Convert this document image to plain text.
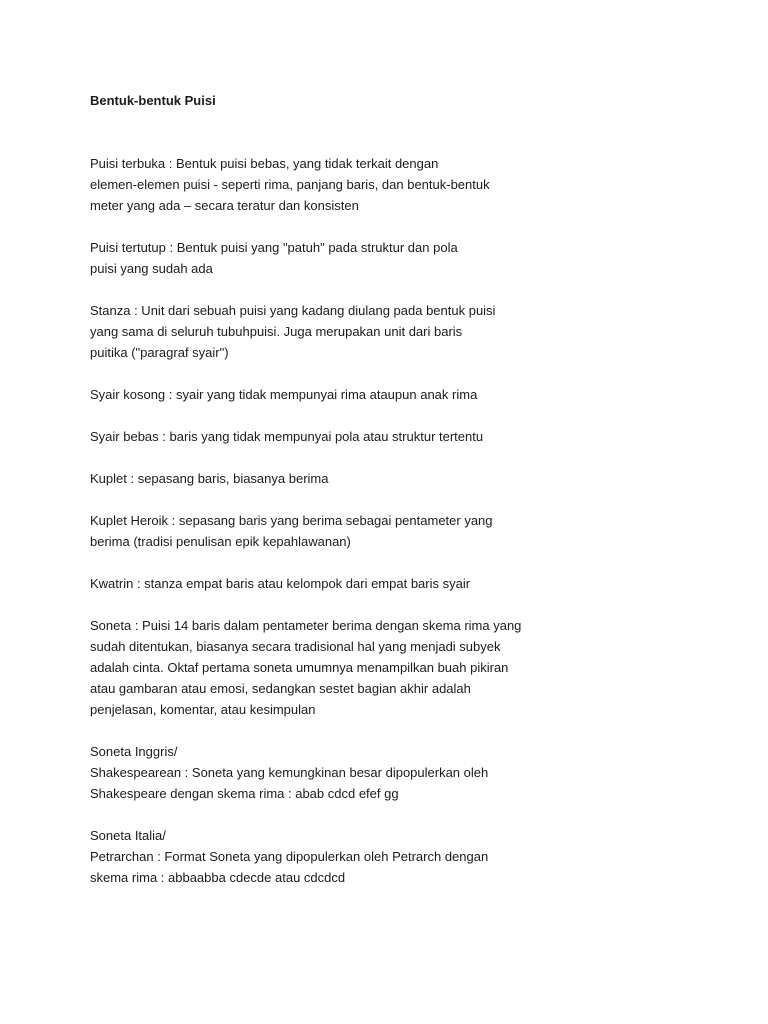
Bentuk-bentuk Puisi
Puisi terbuka : Bentuk puisi bebas, yang tidak terkait dengan
elemen-elemen puisi - seperti rima, panjang baris, dan bentuk-bentuk
meter yang ada – secara teratur dan konsisten
Puisi tertutup : Bentuk puisi yang "patuh" pada struktur dan pola
puisi yang sudah ada
Stanza : Unit dari sebuah puisi yang kadang diulang pada bentuk puisi
yang sama di seluruh tubuhpuisi. Juga merupakan unit dari baris
puitika ("paragraf syair")
Syair kosong : syair yang tidak mempunyai rima ataupun anak rima
Syair bebas : baris yang tidak mempunyai pola atau struktur tertentu
Kuplet : sepasang baris, biasanya berima
Kuplet Heroik : sepasang baris yang berima sebagai pentameter yang
berima (tradisi penulisan epik kepahlawanan)
Kwatrin : stanza empat baris atau kelompok dari empat baris syair
Soneta : Puisi 14 baris dalam pentameter berima dengan skema rima yang
sudah ditentukan, biasanya secara tradisional hal yang menjadi subyek
adalah cinta. Oktaf pertama soneta umumnya menampilkan buah pikiran
atau gambaran atau emosi, sedangkan sestet bagian akhir adalah
penjelasan, komentar, atau kesimpulan
Soneta Inggris/
Shakespearean : Soneta yang kemungkinan besar dipopulerkan oleh
Shakespeare dengan skema rima : abab cdcd efef gg
Soneta Italia/
Petrarchan : Format Soneta yang dipopulerkan oleh Petrarch dengan
skema rima : abbaabba cdecde atau cdcdcd
